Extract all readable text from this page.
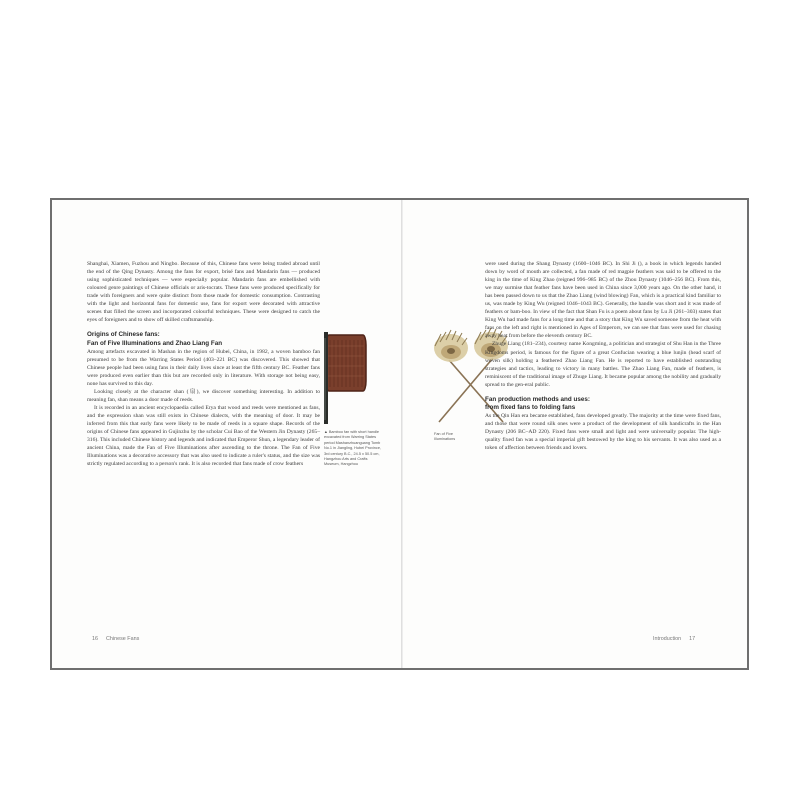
Shanghai, Xiamen, Fuzhou and Ningbo. Because of this, Chinese fans were being traded abroad until the end of the Qing Dynasty. Among the fans for export, brisé fans and Mandarin fans — produced using sophisticated techniques — were especially popular. Mandarin fans are embellished with coloured genre paintings of Chinese officials or aris-tocrats. These fans were produced specifically for trade with foreigners and were quite distinct from those made for domestic consumption. Contrasting with the light and horizontal fans for domestic use, fans for export were decorated with attractive scenes that filled the screen and incorporated colourful techniques. These were designed to catch the eyes of foreigners and to show off skilled craftsmanship.

Origins of Chinese fans:
Fan of Five Illuminations and Zhao Liang Fan

Among artefacts excavated in Mashan in the region of Hubei, China, in 1982, a woven bamboo fan presumed to be from the Warring States Period (403–221 BC) was discovered. This showed that Chinese people had been using fans in their daily lives since at least the fifth century BC. Feather fans were produced even earlier than this but are recorded only in literature. With storage not being easy, none has survived to this day.

Looking closely at the character shan (扇), we discover something interesting. In addition to meaning fan, shan means a door made of reeds.

It is recorded in an ancient encyclopaedia called Erya that wood and reeds were mentioned as fans, and the expression shan was still exists in Chinese dialects, with the meaning of door. It may be inferred from this that early fans were likely to be made of reeds in a square shape. Records of the origins of Chinese fans appeared in Gujinzhu by the scholar Cui Bao of the Western Jin Dynasty (265–316). This included Chinese history and legends and indicated that Emperor Shun, a legendary leader of ancient China, made the Fan of Five Illuminations after ascending to the throne. The Fan of Five Illuminations was a decorative accessory that was also used to indicate a ruler's status, and the size was strictly regulated according to a person's rank. It is also recorded that fans made of crow feathers

▲ Bamboo fan with short handle excavated from Warring States period Mashanzhuanguang Tomb No.1 in Jiangling, Hubei Province, 3rd century B.C., 24.5 x 50.5 cm, Hangzhou Arts and Crafts Museum, Hangzhou
16 Chinese Fans
Fan of Five Illuminations

were used during the Shang Dynasty (1600–1046 BC). In Shi Ji (), a book in which legends handed down by word of mouth are collected, a fan made of red magpie feathers was said to be offered to the king in the time of King Zhao (reigned 996–985 BC) of the Zhou Dynasty (1046–256 BC). From this, we may surmise that feather fans have been used in China since 3,000 years ago. On the other hand, it has been passed down to us that the Zhao Liang (wind blowing) Fan, which is a practical kind familiar to us, was made by King Wu (reigned 1046–1043 BC). Generally, the handle was short and it was made of feathers or bam-boo. In view of the fact that Shan Fu is a poem about fans by Lu Ji (261–303) states that King Wu had made fans for a long time and that a story that King Wu saved someone from the heat with fans on the left and right is mentioned in Ages of Emperors, we can see that fans were used for chasing away heat from before the eleventh century BC.

Zhuge Liang (181–234), courtesy name Kongming, a politician and strategist of Shu Han in the Three Kingdoms period, is famous for the figure of a great Confucian wearing a blue lunjin (head scarf of woven silk) holding a feathered Zhao Liang Fan. He is reported to have established outstanding strategies and tactics, leading to victory in many battles. The Zhao Liang Fan, made of feathers, is reminiscent of the traditional image of Zhuge Liang. It became popular among the nobility and gradually spread to the gen-eral public.

Fan production methods and uses:
from fixed fans to folding fans

As the Qin Han era became established, fans developed greatly. The majority at the time were fixed fans, and those that were round silk ones were a product of the development of silk handicrafts in the Han Dynasty (206 BC–AD 220). Fixed fans were small and light and were universally popular. The high-quality fixed fan was a special imperial gift bestowed by the king to his servants. It was also used as a token of affection between friends and lovers.

Introduction 17
